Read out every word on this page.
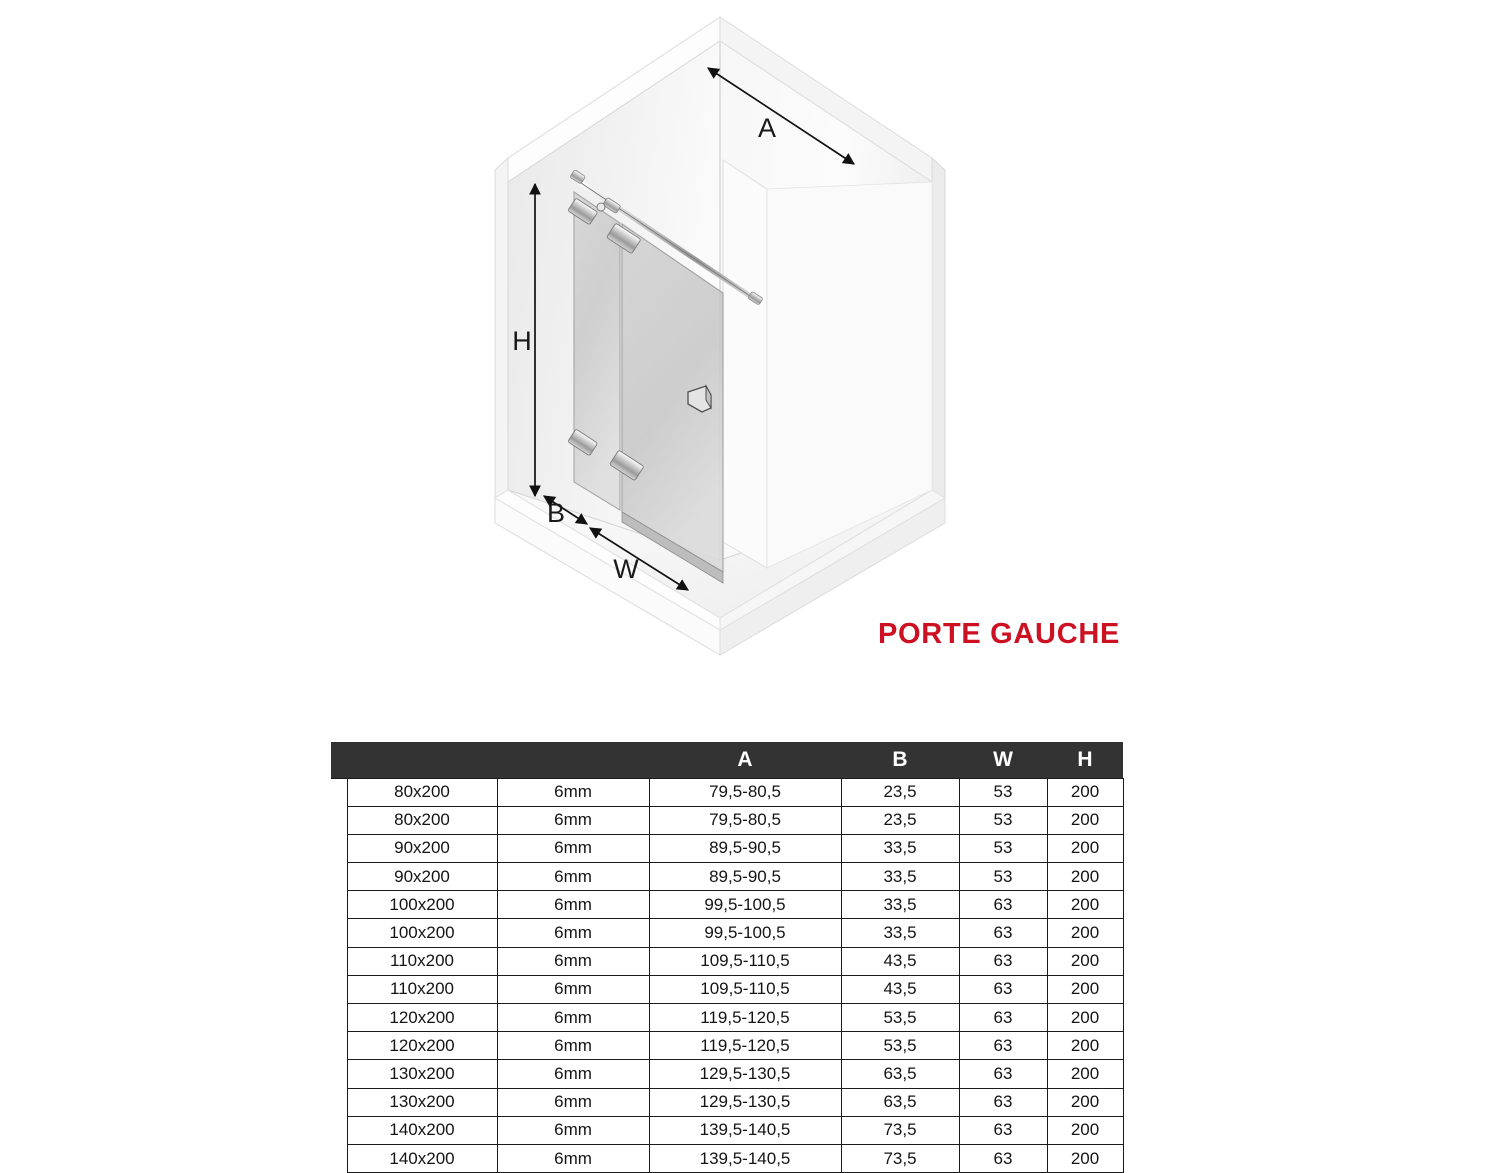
A
H
B
W
PORTE GAUCHE
			A	B	W	H
	80x200	6mm	79,5-80,5	23,5	53	200
	80x200	6mm	79,5-80,5	23,5	53	200
	90x200	6mm	89,5-90,5	33,5	53	200
	90x200	6mm	89,5-90,5	33,5	53	200
	100x200	6mm	99,5-100,5	33,5	63	200
	100x200	6mm	99,5-100,5	33,5	63	200
	110x200	6mm	109,5-110,5	43,5	63	200
	110x200	6mm	109,5-110,5	43,5	63	200
	120x200	6mm	119,5-120,5	53,5	63	200
	120x200	6mm	119,5-120,5	53,5	63	200
	130x200	6mm	129,5-130,5	63,5	63	200
	130x200	6mm	129,5-130,5	63,5	63	200
	140x200	6mm	139,5-140,5	73,5	63	200
	140x200	6mm	139,5-140,5	73,5	63	200
